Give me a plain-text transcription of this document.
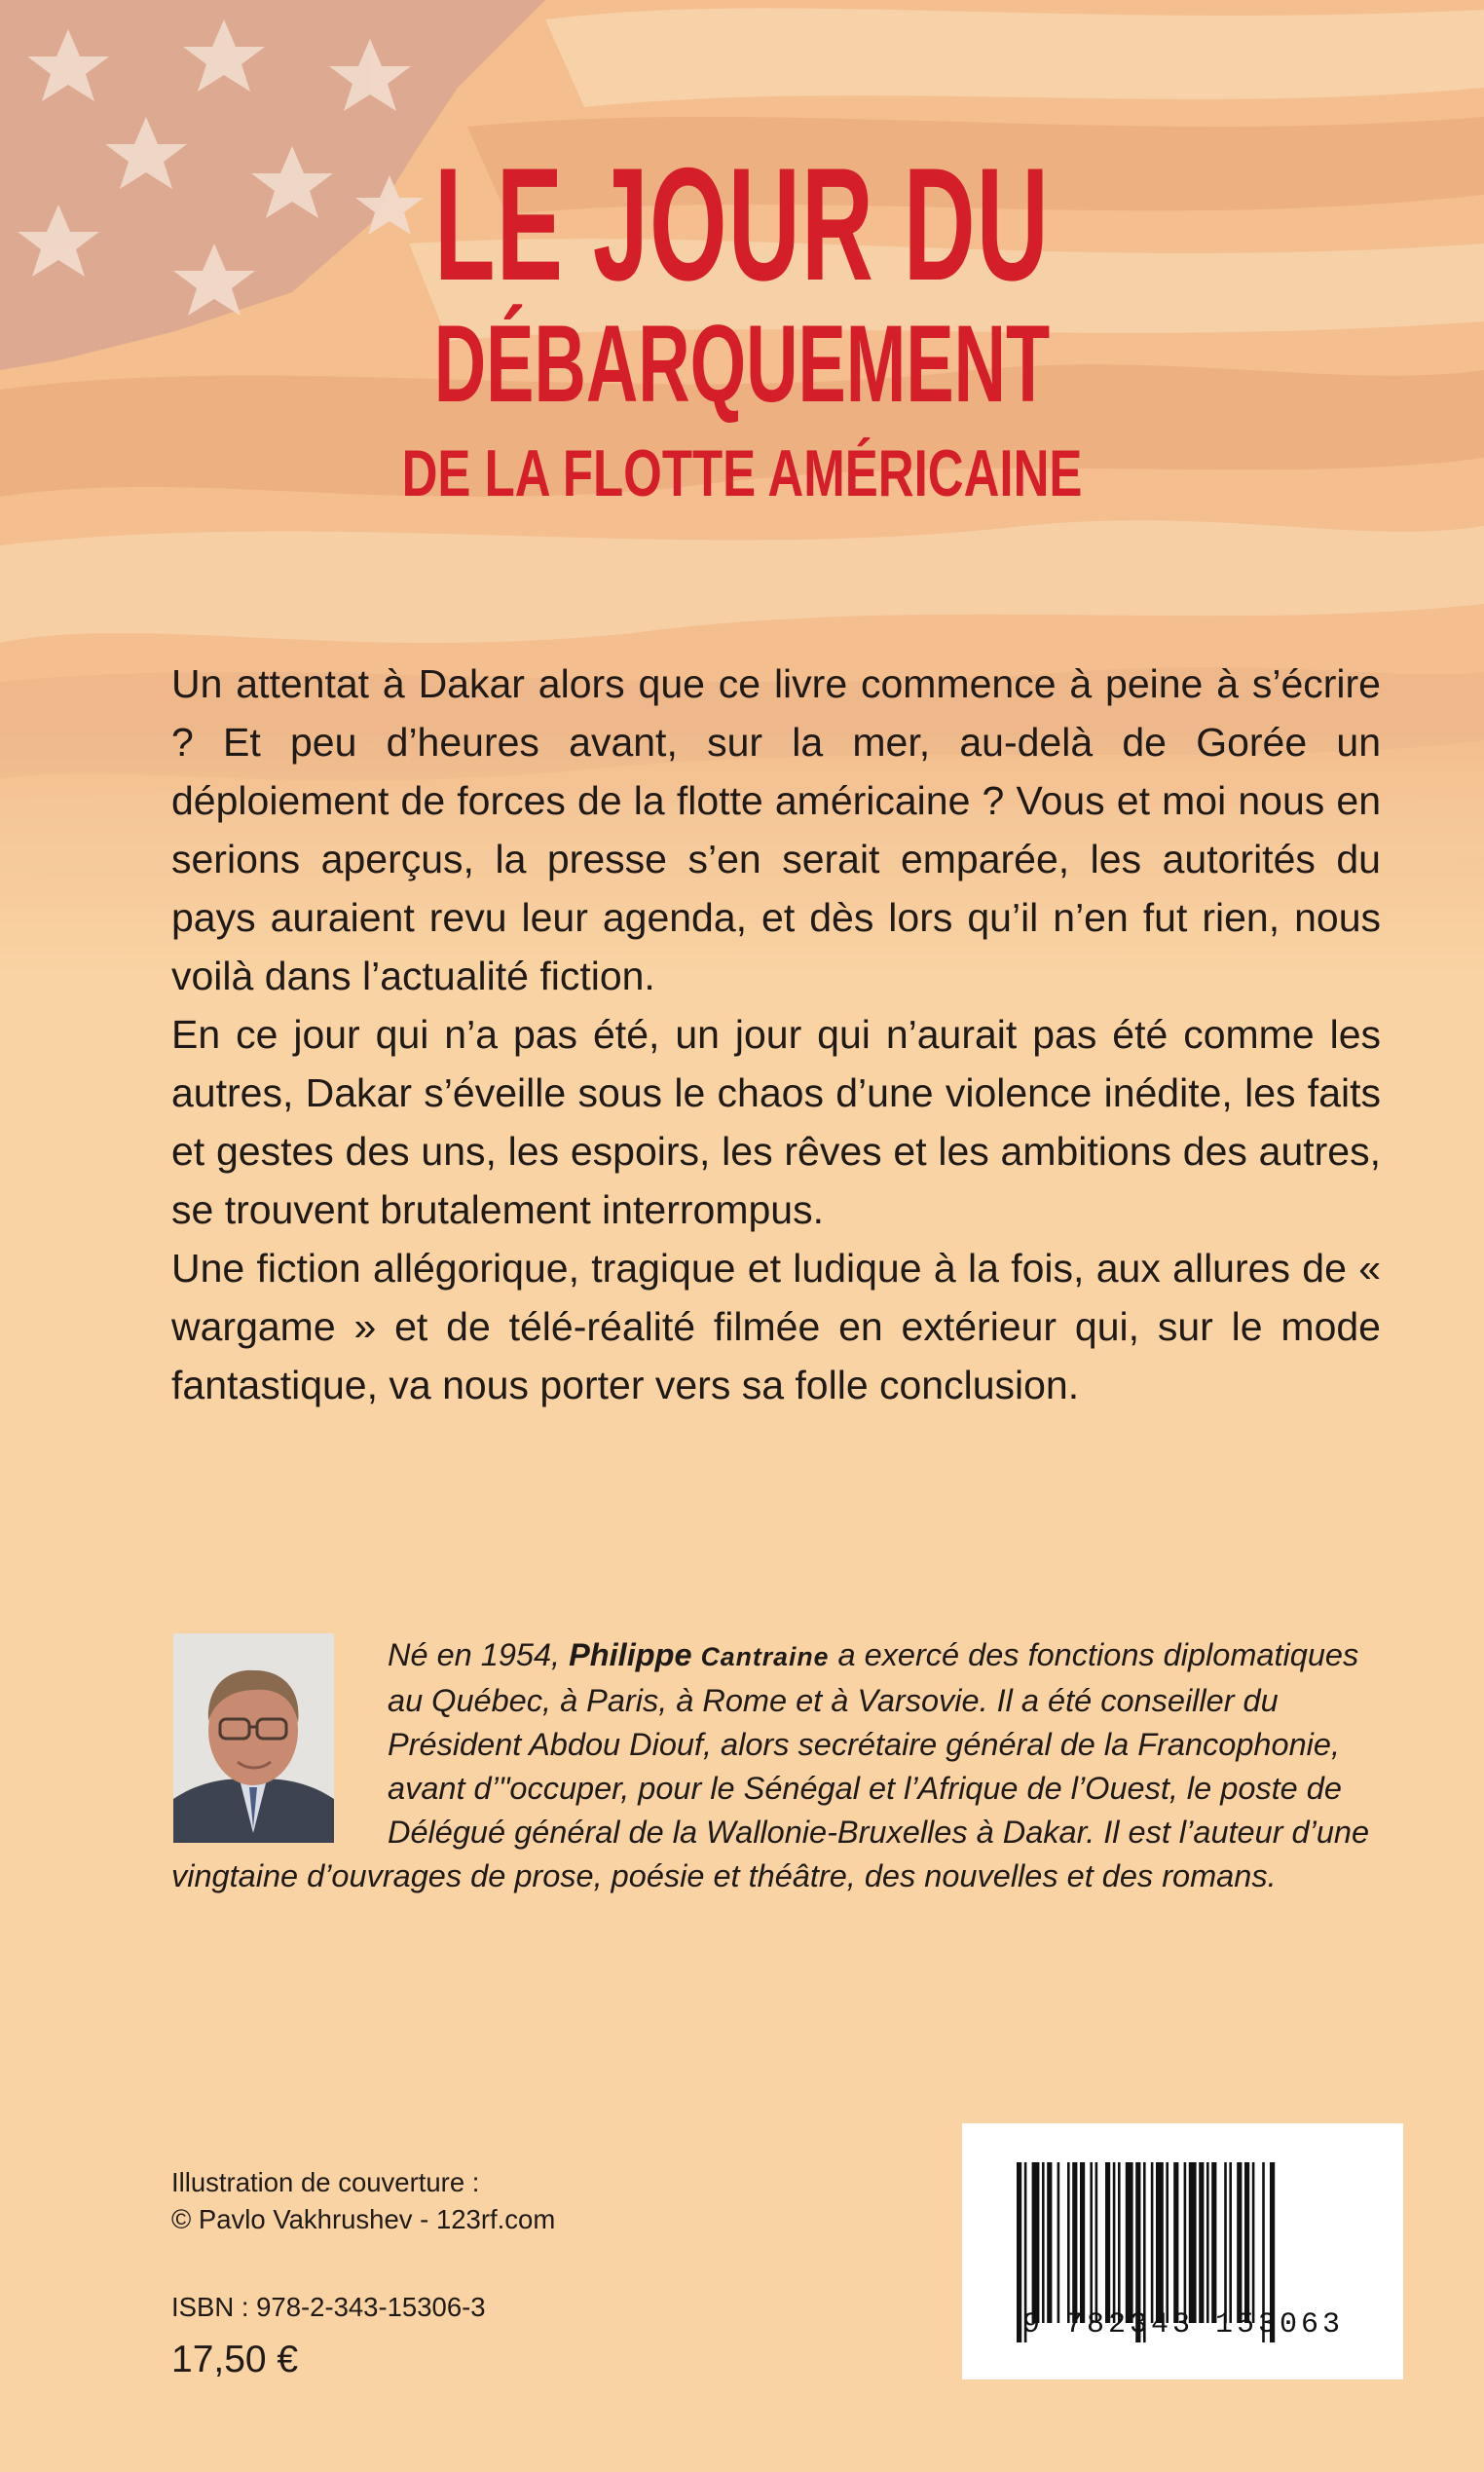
LE JOUR DU
DÉBARQUEMENT
DE LA FLOTTE AMÉRICAINE

Un attentat à Dakar alors que ce livre commence à peine à s’écrire ? Et peu d’heures avant, sur la mer, au-delà de Gorée un déploiement de forces de la flotte américaine ? Vous et moi nous en serions aperçus, la presse s’en serait emparée, les autorités du pays auraient revu leur agenda, et dès lors qu’il n’en fut rien, nous voilà dans l’actualité fiction.

En ce jour qui n’a pas été, un jour qui n’aurait pas été comme les autres, Dakar s’éveille sous le chaos d’une violence inédite, les faits et gestes des uns, les espoirs, les rêves et les ambitions des autres, se trouvent brutalement interrompus.

Une fiction allégorique, tragique et ludique à la fois, aux allures de « wargame » et de télé-réalité filmée en extérieur qui, sur le mode fantastique, va nous porter vers sa folle conclusion.

Né en 1954, Philippe Cantraine a exercé des fonctions diplomatiques au Québec, à Paris, à Rome et à Varsovie. Il a été conseiller du Président Abdou Diouf, alors secrétaire général de la Francophonie, avant d’"occuper, pour le Sénégal et l’Afrique de l’Ouest, le poste de Délégué général de la Wallonie-Bruxelles à Dakar. Il est l’auteur d’une vingtaine d’ouvrages de prose, poésie et théâtre, des nouvelles et des romans.

Illustration de couverture :

© Pavlo Vakhrushev - 123rf.com

ISBN : 978-2-343-15306-3

17,50 €

9 782343 153063
